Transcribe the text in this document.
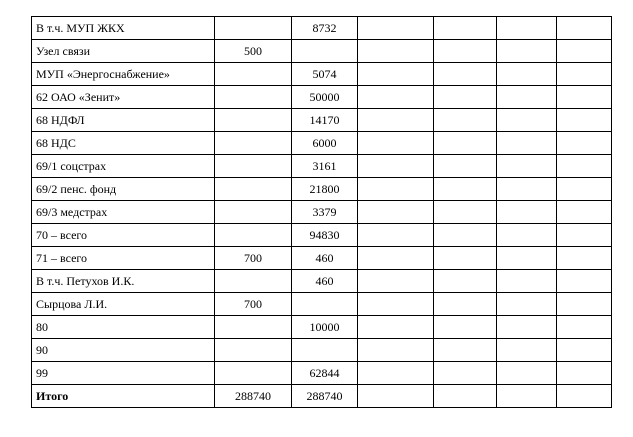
В т.ч. МУП ЖКХ		8732				
Узел связи	500					
МУП «Энергоснабжение»		5074				
62 ОАО «Зенит»		50000				
68 НДФЛ		14170				
68 НДС		6000				
69/1 соцстрах		3161				
69/2 пенс. фонд		21800				
69/3 медстрах		3379				
70 – всего		94830				
71 – всего	700	460				
В т.ч. Петухов И.К.		460				
Сырцова Л.И.	700					
80		10000				
90						
99		62844				
Итого	288740	288740				
